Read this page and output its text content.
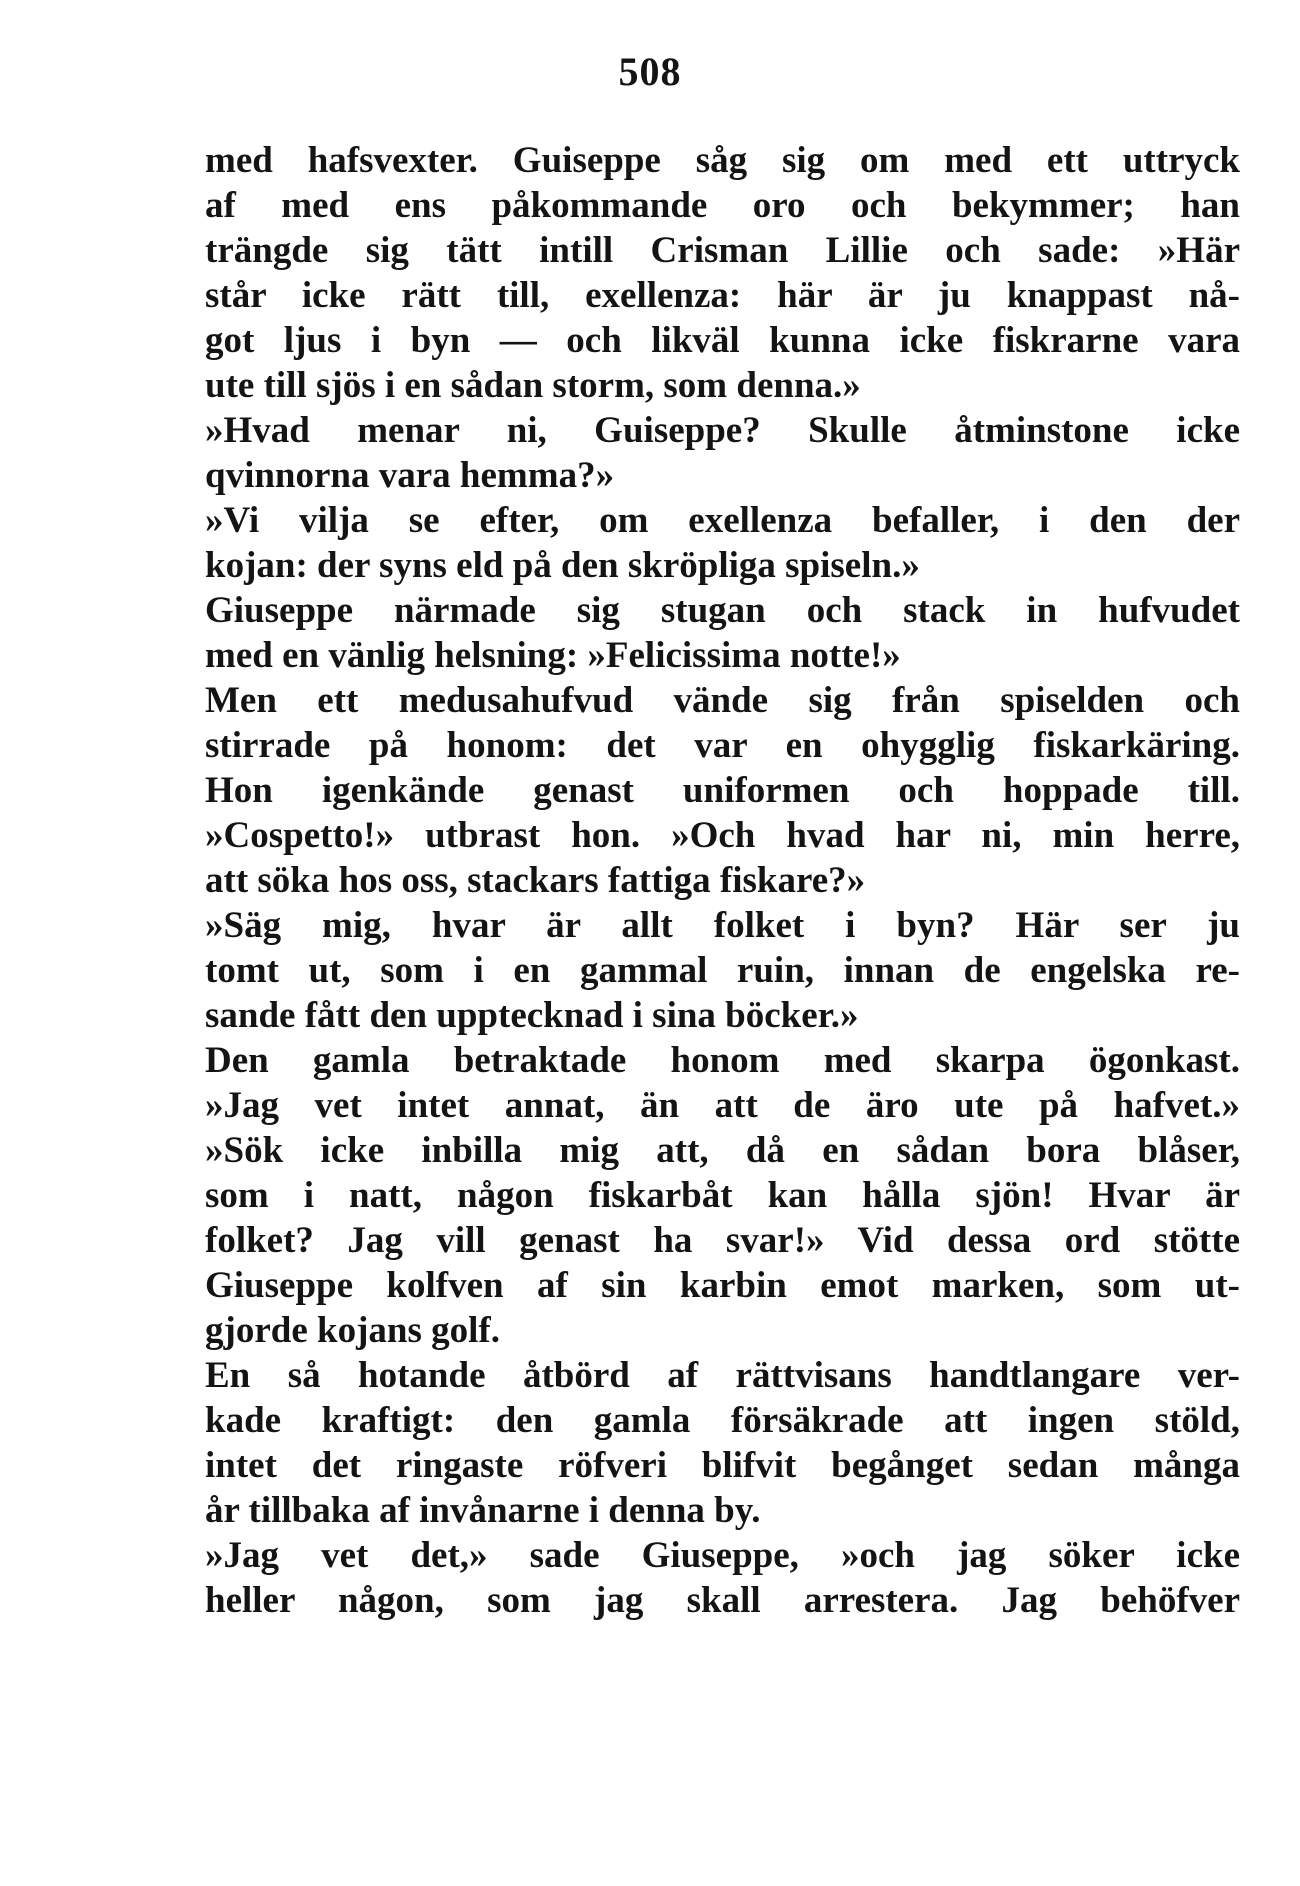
508
med hafsvexter. Guiseppe såg sig om med ett uttryck
af med ens påkommande oro och bekymmer; han
trängde sig tätt intill Crisman Lillie och sade: »Här
står icke rätt till, exellenza: här är ju knappast nå-
got ljus i byn — och likväl kunna icke fiskrarne vara
ute till sjös i en sådan storm, som denna.»
»Hvad menar ni, Guiseppe? Skulle åtminstone icke
qvinnorna vara hemma?»
»Vi vilja se efter, om exellenza befaller, i den der
kojan: der syns eld på den skröpliga spiseln.»
Giuseppe närmade sig stugan och stack in hufvudet
med en vänlig helsning: »Felicissima notte!»
Men ett medusahufvud vände sig från spiselden och
stirrade på honom: det var en ohygglig fiskarkäring.
Hon igenkände genast uniformen och hoppade till.
»Cospetto!» utbrast hon. »Och hvad har ni, min herre,
att söka hos oss, stackars fattiga fiskare?»
»Säg mig, hvar är allt folket i byn? Här ser ju
tomt ut, som i en gammal ruin, innan de engelska re-
sande fått den upptecknad i sina böcker.»
Den gamla betraktade honom med skarpa ögonkast.
»Jag vet intet annat, än att de äro ute på hafvet.»
»Sök icke inbilla mig att, då en sådan bora blåser,
som i natt, någon fiskarbåt kan hålla sjön! Hvar är
folket? Jag vill genast ha svar!» Vid dessa ord stötte
Giuseppe kolfven af sin karbin emot marken, som ut-
gjorde kojans golf.
En så hotande åtbörd af rättvisans handtlangare ver-
kade kraftigt: den gamla försäkrade att ingen stöld,
intet det ringaste röfveri blifvit begånget sedan många
år tillbaka af invånarne i denna by.
»Jag vet det,» sade Giuseppe, »och jag söker icke
heller någon, som jag skall arrestera. Jag behöfver
